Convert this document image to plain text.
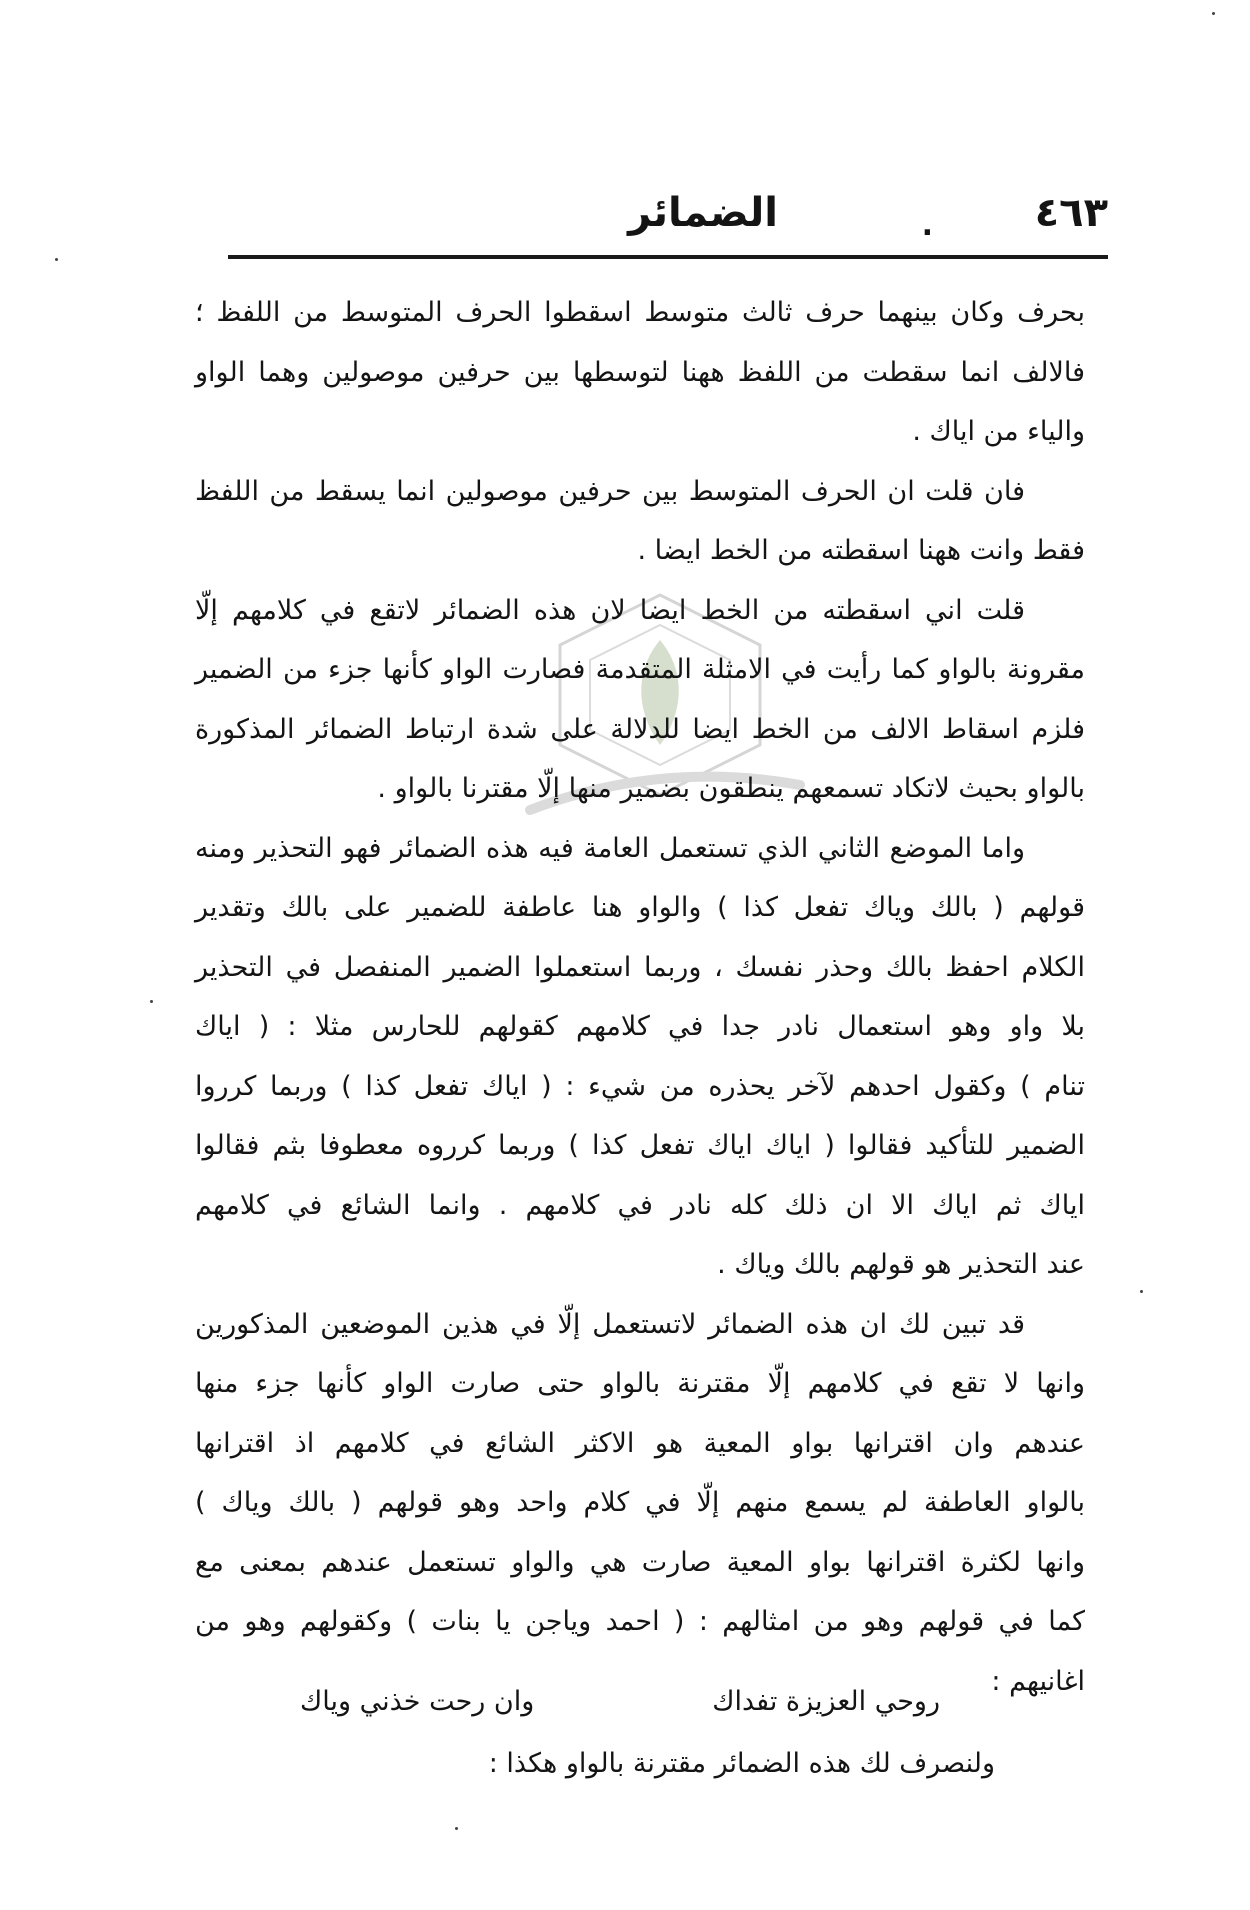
٤٦٣
.
الضمائر
بحرف وكان بينهما حرف ثالث متوسط اسقطوا الحرف المتوسط من اللفظ ؛
فالالف انما سقطت من اللفظ ههنا لتوسطها بين حرفين موصولين وهما الواو
والياء من اياك .
فان قلت ان الحرف المتوسط بين حرفين موصولين انما يسقط من اللفظ
فقط وانت ههنا اسقطته من الخط ايضا .
قلت اني اسقطته من الخط ايضا لان هذه الضمائر لاتقع في كلامهم إلّا
مقرونة بالواو كما رأيت في الامثلة المتقدمة فصارت الواو كأنها جزء من الضمير
فلزم اسقاط الالف من الخط ايضا للدلالة على شدة ارتباط الضمائر المذكورة
بالواو بحيث لاتكاد تسمعهم ينطقون بضمير منها إلّا مقترنا بالواو .
واما الموضع الثاني الذي تستعمل العامة فيه هذه الضمائر فهو التحذير ومنه
قولهم ( بالك وياك تفعل كذا ) والواو هنا عاطفة للضمير على بالك وتقدير
الكلام احفظ بالك وحذر نفسك ، وربما استعملوا الضمير المنفصل في التحذير
بلا واو وهو استعمال نادر جدا في كلامهم كقولهم للحارس مثلا : ( اياك
تنام ) وكقول احدهم لآخر يحذره من شيء : ( اياك تفعل كذا ) وربما كرروا
الضمير للتأكيد فقالوا ( اياك اياك تفعل كذا ) وربما كرروه معطوفا بثم فقالوا
اياك ثم اياك الا ان ذلك كله نادر في كلامهم . وانما الشائع في كلامهم
عند التحذير هو قولهم بالك وياك .
قد تبين لك ان هذه الضمائر لاتستعمل إلّا في هذين الموضعين المذكورين
وانها لا تقع في كلامهم إلّا مقترنة بالواو حتى صارت الواو كأنها جزء منها
عندهم وان اقترانها بواو المعية هو الاكثر الشائع في كلامهم اذ اقترانها
بالواو العاطفة لم يسمع منهم إلّا في كلام واحد وهو قولهم ( بالك وياك )
وانها لكثرة اقترانها بواو المعية صارت هي والواو تستعمل عندهم بمعنى مع
كما في قولهم وهو من امثالهم : ( احمد وياجن يا بنات ) وكقولهم وهو من
اغانيهم :
روحي العزيزة تفداك
وان رحت خذني وياك
ولنصرف لك هذه الضمائر مقترنة بالواو هكذا :
